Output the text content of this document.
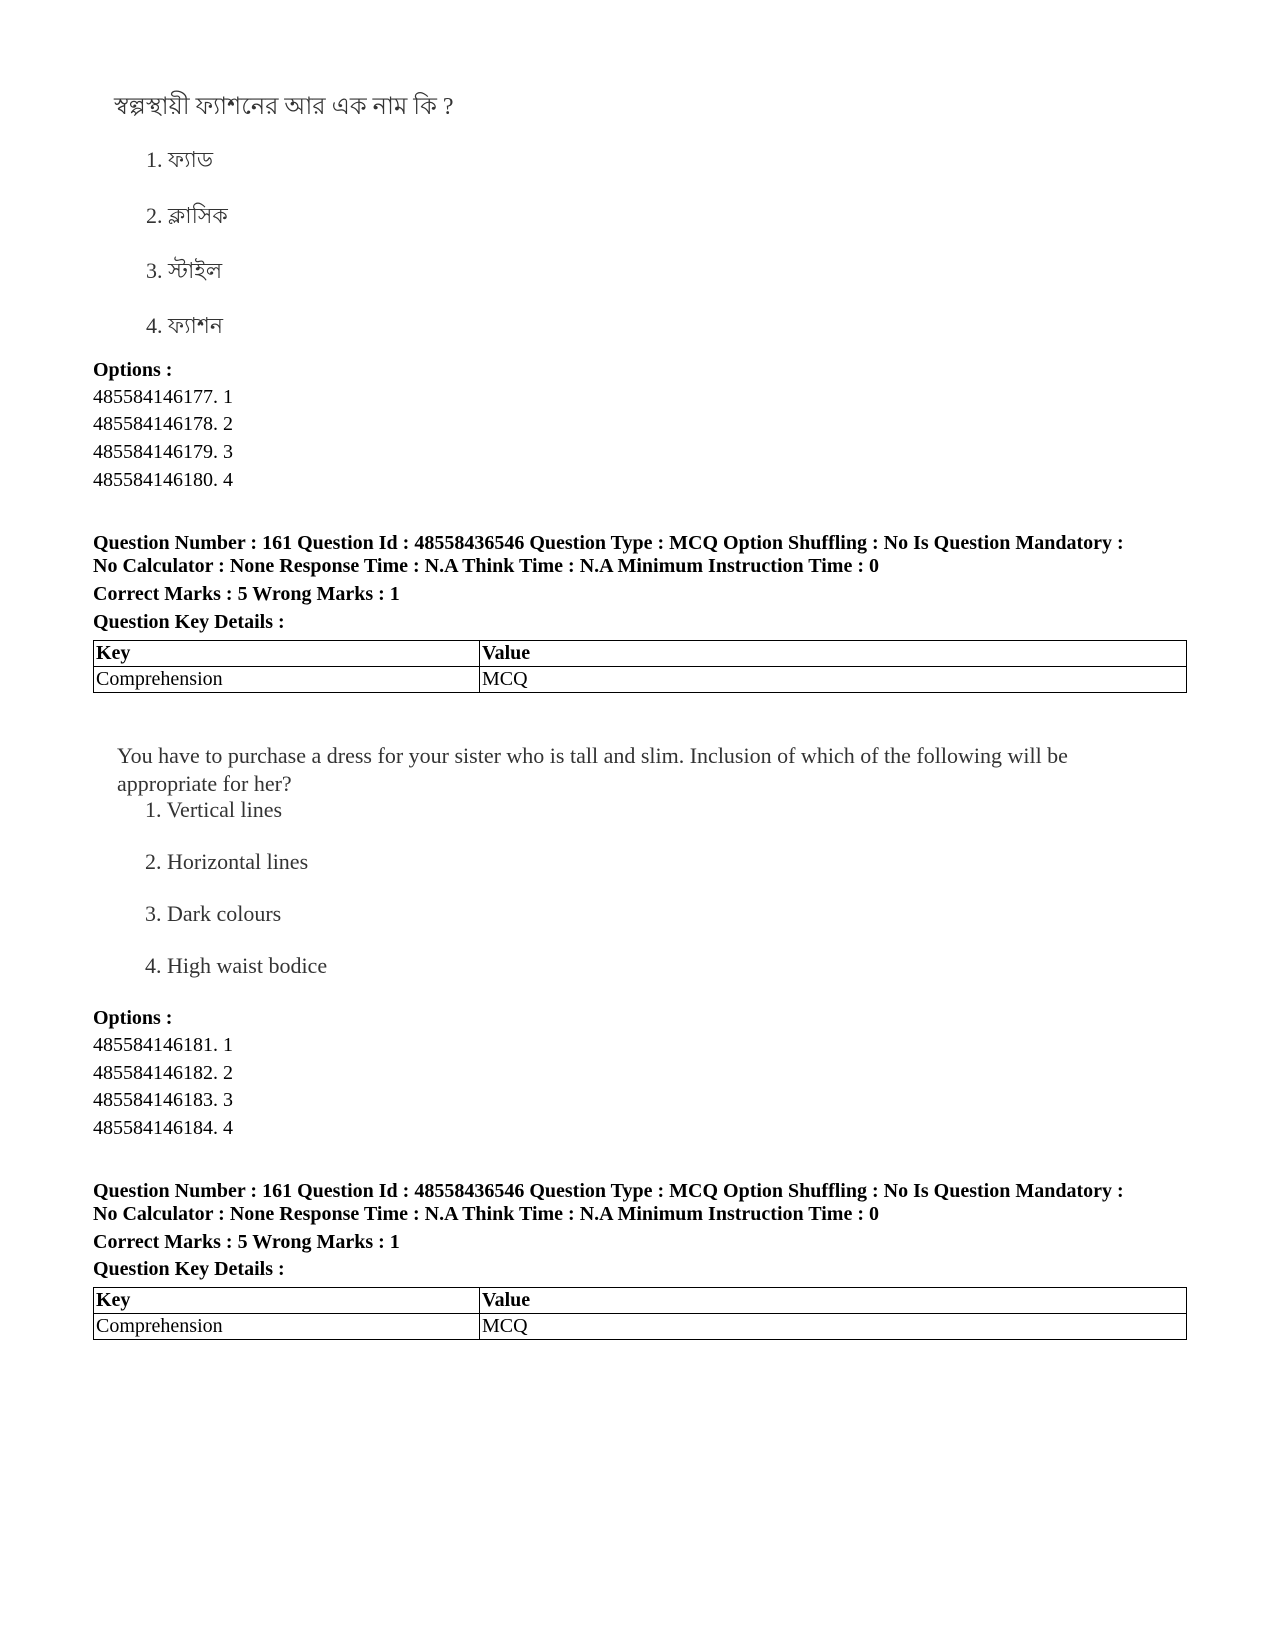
স্বল্পস্থায়ী ফ্যাশনের আর এক নাম কি ?
1. ফ্যাড
2. ক্লাসিক
3. স্টাইল
4. ফ্যাশন
Options :
485584146177. 1
485584146178. 2
485584146179. 3
485584146180. 4
Question Number : 161 Question Id : 48558436546 Question Type : MCQ Option Shuffling : No Is Question Mandatory :
No Calculator : None Response Time : N.A Think Time : N.A Minimum Instruction Time : 0
Correct Marks : 5 Wrong Marks : 1
Question Key Details :
Key	Value
Comprehension	MCQ
You have to purchase a dress for your sister who is tall and slim. Inclusion of which of the following will be appropriate for her?
1. Vertical lines
2. Horizontal lines
3. Dark colours
4. High waist bodice
Options :
485584146181. 1
485584146182. 2
485584146183. 3
485584146184. 4
Question Number : 161 Question Id : 48558436546 Question Type : MCQ Option Shuffling : No Is Question Mandatory :
No Calculator : None Response Time : N.A Think Time : N.A Minimum Instruction Time : 0
Correct Marks : 5 Wrong Marks : 1
Question Key Details :
Key	Value
Comprehension	MCQ
